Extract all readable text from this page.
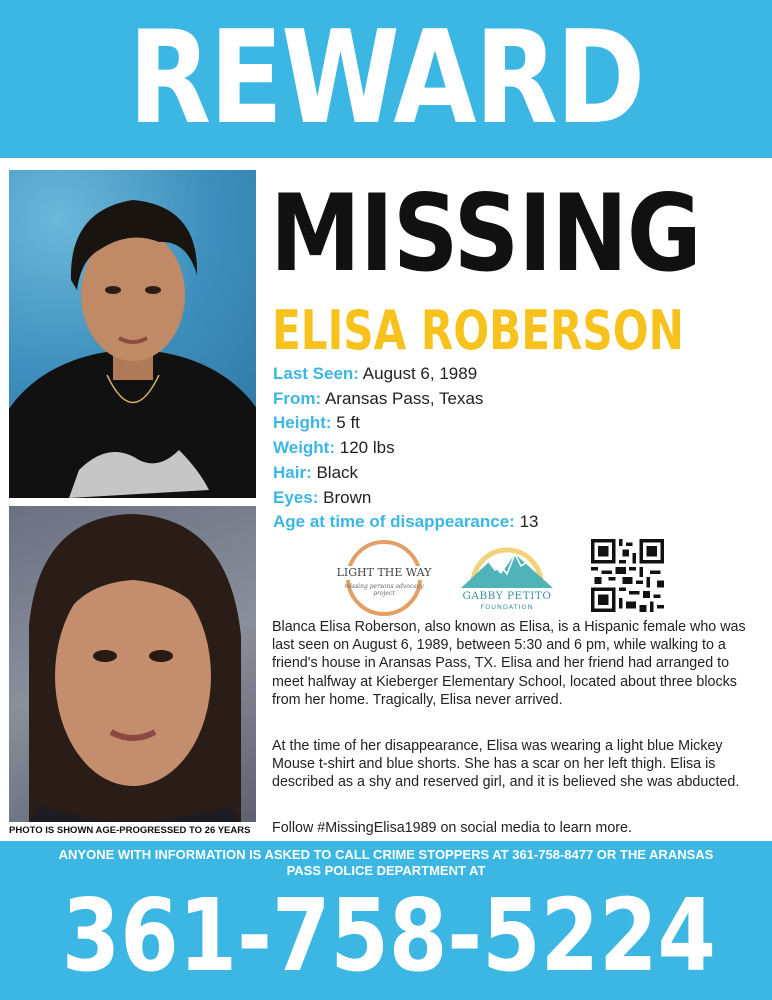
REWARD
PHOTO IS SHOWN AGE-PROGRESSED TO 26 YEARS
MISSING
ELISA ROBERSON
Last Seen: August 6, 1989
From: Aransas Pass, Texas
Height: 5 ft
Weight: 120 lbs
Hair: Black
Eyes: Brown
Age at time of disappearance: 13
LIGHT THE WAY
missing persons advocacy project	GABBY PETITO
FOUNDATION

Blanca Elisa Roberson, also known as Elisa, is a Hispanic female who was last seen on August 6, 1989, between 5:30 and 6 pm, while walking to a friend's house in Aransas Pass, TX. Elisa and her friend had arranged to meet halfway at Kieberger Elementary School, located about three blocks from her home. Tragically, Elisa never arrived.

At the time of her disappearance, Elisa was wearing a light blue Mickey Mouse t-shirt and blue shorts. She has a scar on her left thigh. Elisa is described as a shy and reserved girl, and it is believed she was abducted.

Follow #MissingElisa1989 on social media to learn more.

ANYONE WITH INFORMATION IS ASKED TO CALL CRIME STOPPERS AT 361-758-8477 OR THE ARANSAS PASS POLICE DEPARTMENT AT
361-758-5224
